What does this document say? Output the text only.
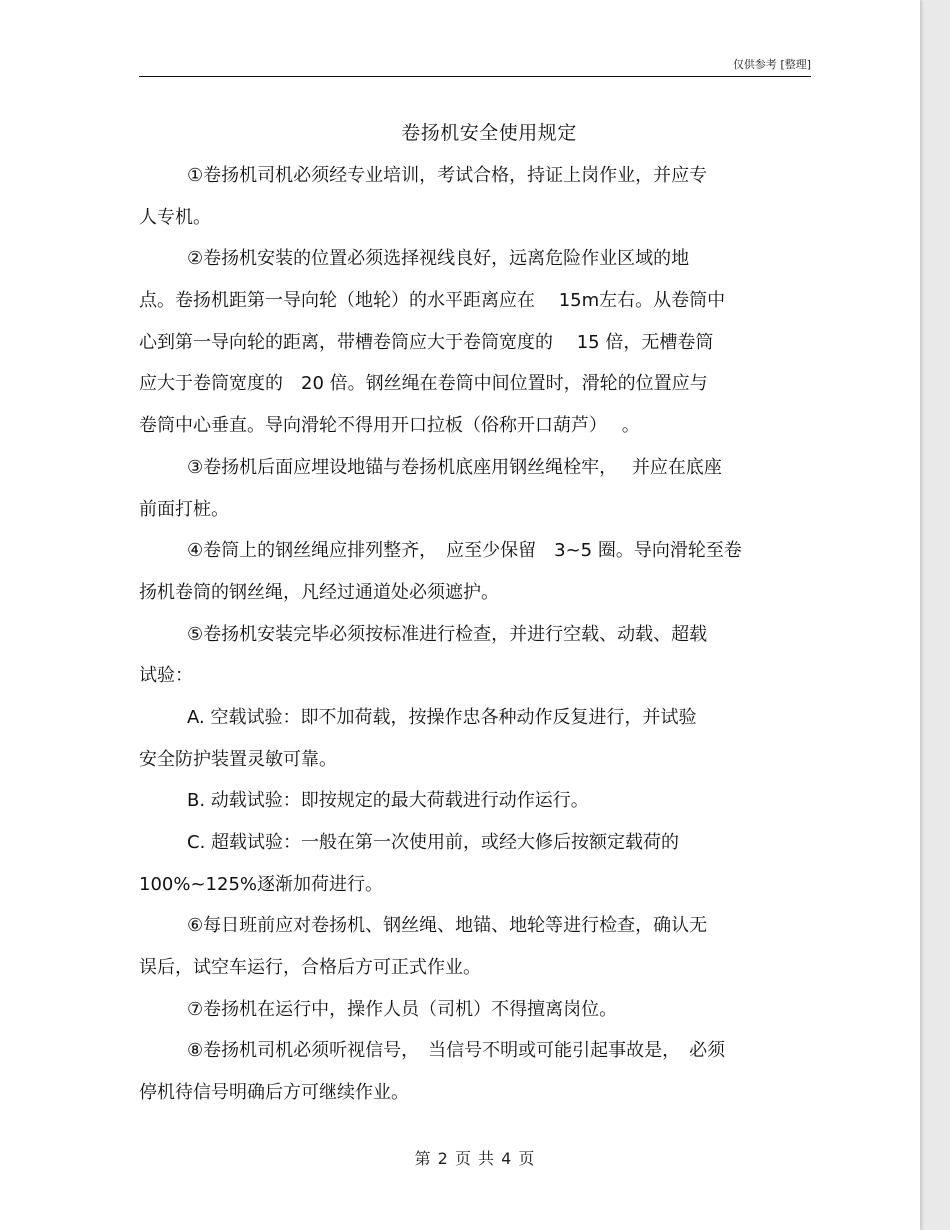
仅供参考 [整理]
卷扬机安全使用规定

①卷扬机司机必须经专业培训，考试合格，持证上岗作业，并应专
人专机。

②卷扬机安装的位置必须选择视线良好，远离危险作业区域的地
点。卷扬机距第一导向轮（地轮）的水平距离应在　 15m左右。从卷筒中
心到第一导向轮的距离，带槽卷筒应大于卷筒宽度的　 15 倍，无槽卷筒
应大于卷筒宽度的　20 倍。钢丝绳在卷筒中间位置时，滑轮的位置应与
卷筒中心垂直。导向滑轮不得用开口拉板（俗称开口葫芦）　 。

③卷扬机后面应埋设地锚与卷扬机底座用钢丝绳栓牢，　 并应在底座
前面打桩。

④卷筒上的钢丝绳应排列整齐，　应至少保留　3~5 圈。导向滑轮至卷
扬机卷筒的钢丝绳，凡经过通道处必须遮护。

⑤卷扬机安装完毕必须按标准进行检查，并进行空载、动载、超载
试验：

A. 空载试验：即不加荷载，按操作忠各种动作反复进行，并试验
安全防护装置灵敏可靠。

B. 动载试验：即按规定的最大荷载进行动作运行。

C. 超载试验：一般在第一次使用前，或经大修后按额定载荷的
100%~125%逐渐加荷进行。

⑥每日班前应对卷扬机、钢丝绳、地锚、地轮等进行检查，确认无
误后，试空车运行，合格后方可正式作业。

⑦卷扬机在运行中，操作人员（司机）不得擅离岗位。

⑧卷扬机司机必须听视信号，　当信号不明或可能引起事故是，　必须
停机待信号明确后方可继续作业。

第 2 页 共 4 页
